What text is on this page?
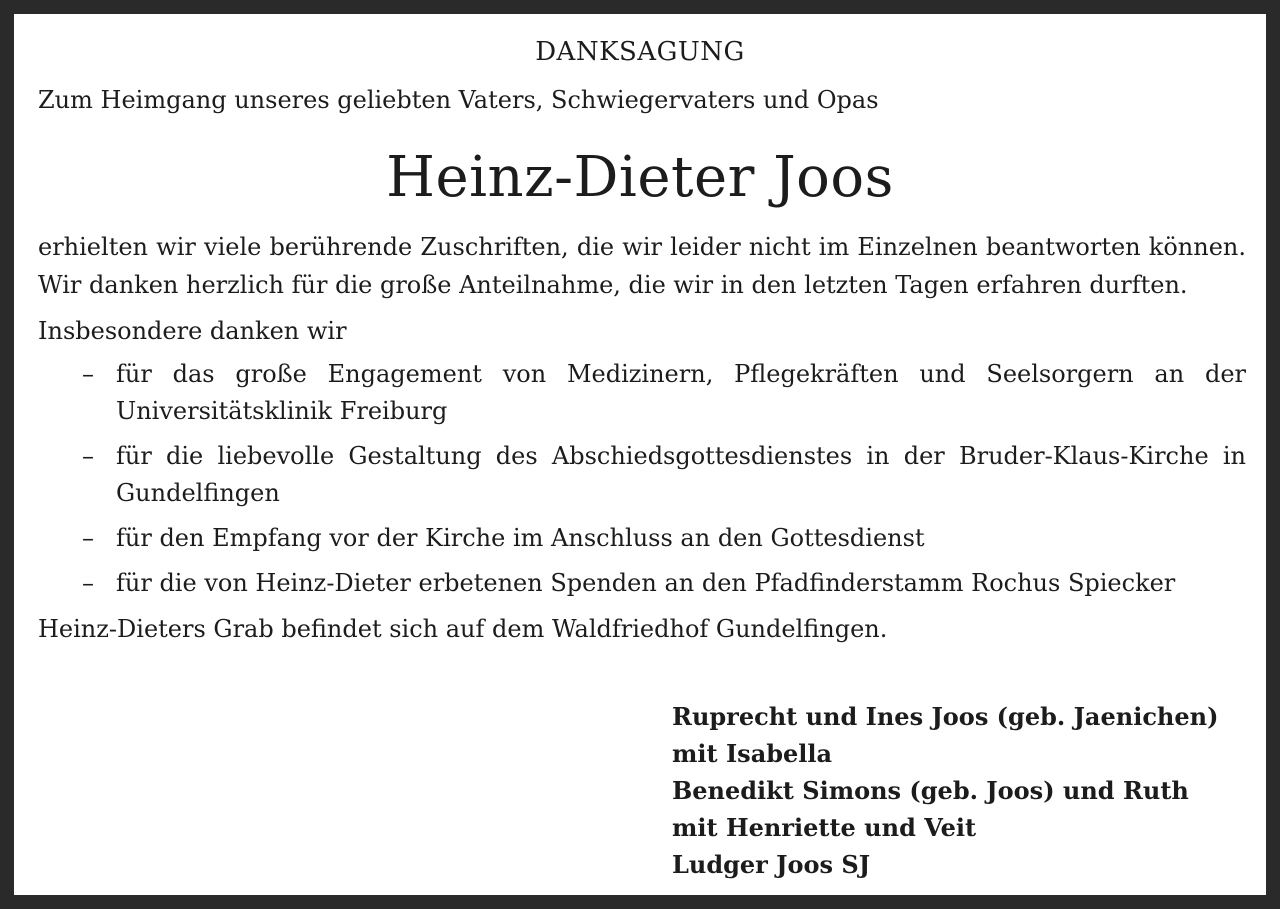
DANKSAGUNG
Zum Heimgang unseres geliebten Vaters, Schwiegervaters und Opas
Heinz-Dieter Joos

erhielten wir viele berührende Zuschriften, die wir leider nicht im Einzelnen beantworten können. Wir danken herzlich für die große Anteilnahme, die wir in den letzten Tagen erfahren durften.

Insbesondere danken wir

– für das große Engagement von Medizinern, Pflegekräften und Seelsorgern an der Universitätsklinik Freiburg
– für die liebevolle Gestaltung des Abschiedsgottesdienstes in der Bruder-Klaus-Kirche in Gundelfingen
– für den Empfang vor der Kirche im Anschluss an den Gottesdienst
– für die von Heinz-Dieter erbetenen Spenden an den Pfadfinderstamm Rochus Spiecker

Heinz-Dieters Grab befindet sich auf dem Waldfriedhof Gundelfingen.

Ruprecht und Ines Joos (geb. Jaenichen)
mit Isabella
Benedikt Simons (geb. Joos) und Ruth
mit Henriette und Veit
Ludger Joos SJ
